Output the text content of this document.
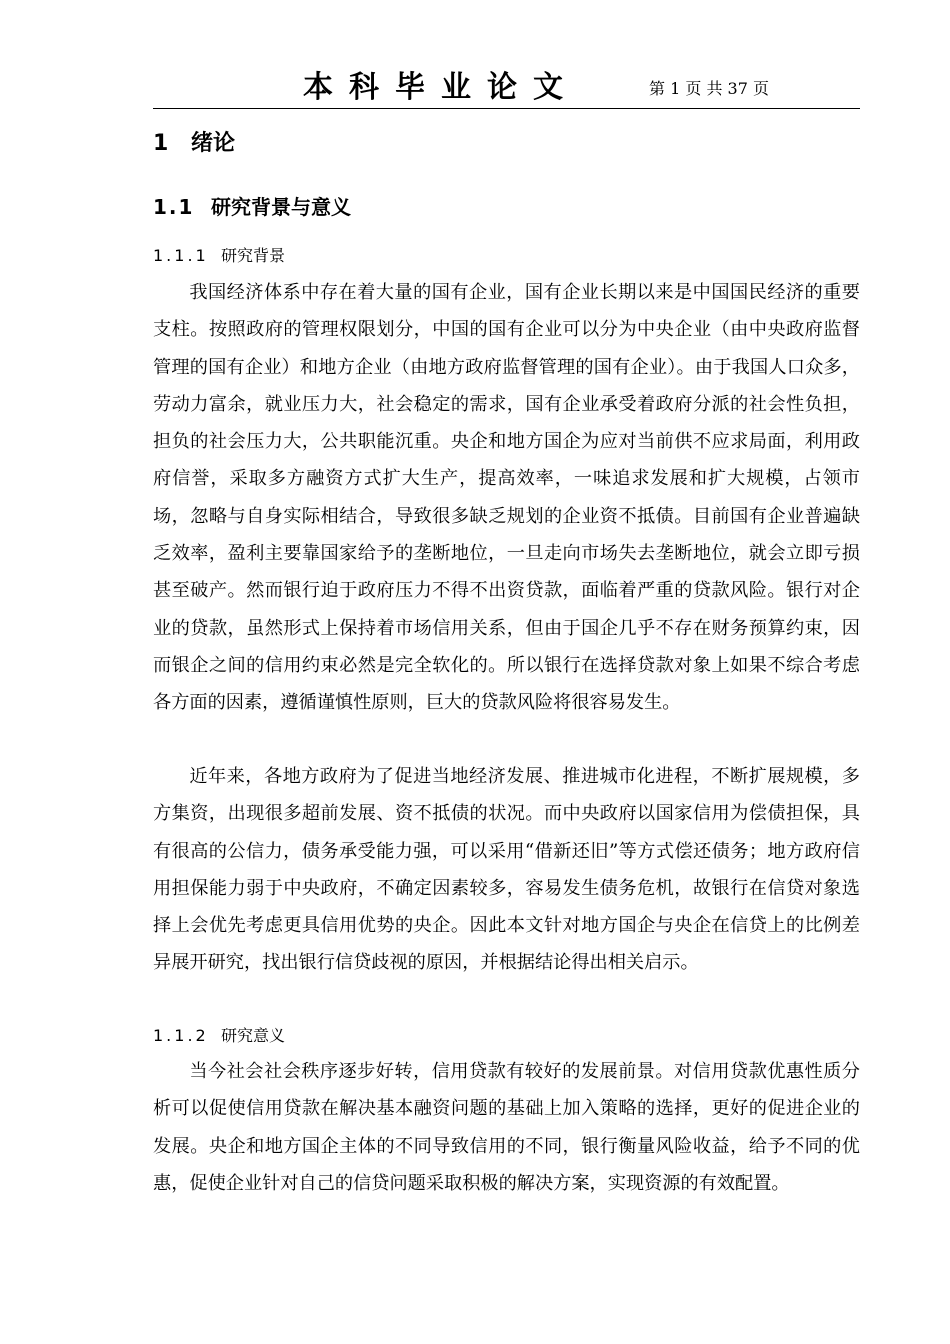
本科毕业论文	第 1 页 共 37 页
1 绪论
1.1 研究背景与意义
1.1.1 研究背景

我国经济体系中存在着大量的国有企业，国有企业长期以来是中国国民经济的重要支柱。按照政府的管理权限划分，中国的国有企业可以分为中央企业（由中央政府监督管理的国有企业）和地方企业（由地方政府监督管理的国有企业）。由于我国人口众多，劳动力富余，就业压力大，社会稳定的需求，国有企业承受着政府分派的社会性负担，担负的社会压力大，公共职能沉重。央企和地方国企为应对当前供不应求局面，利用政府信誉，采取多方融资方式扩大生产，提高效率，一味追求发展和扩大规模，占领市场，忽略与自身实际相结合，导致很多缺乏规划的企业资不抵债。目前国有企业普遍缺乏效率，盈利主要靠国家给予的垄断地位，一旦走向市场失去垄断地位，就会立即亏损甚至破产。然而银行迫于政府压力不得不出资贷款，面临着严重的贷款风险。银行对企业的贷款，虽然形式上保持着市场信用关系，但由于国企几乎不存在财务预算约束，因而银企之间的信用约束必然是完全软化的。所以银行在选择贷款对象上如果不综合考虑各方面的因素，遵循谨慎性原则，巨大的贷款风险将很容易发生。

近年来，各地方政府为了促进当地经济发展、推进城市化进程，不断扩展规模，多方集资，出现很多超前发展、资不抵债的状况。而中央政府以国家信用为偿债担保，具有很高的公信力，债务承受能力强，可以采用“借新还旧”等方式偿还债务；地方政府信用担保能力弱于中央政府，不确定因素较多，容易发生债务危机，故银行在信贷对象选择上会优先考虑更具信用优势的央企。因此本文针对地方国企与央企在信贷上的比例差异展开研究，找出银行信贷歧视的原因，并根据结论得出相关启示。

1.1.2 研究意义

当今社会社会秩序逐步好转，信用贷款有较好的发展前景。对信用贷款优惠性质分析可以促使信用贷款在解决基本融资问题的基础上加入策略的选择，更好的促进企业的发展。央企和地方国企主体的不同导致信用的不同，银行衡量风险收益，给予不同的优惠，促使企业针对自己的信贷问题采取积极的解决方案，实现资源的有效配置。
